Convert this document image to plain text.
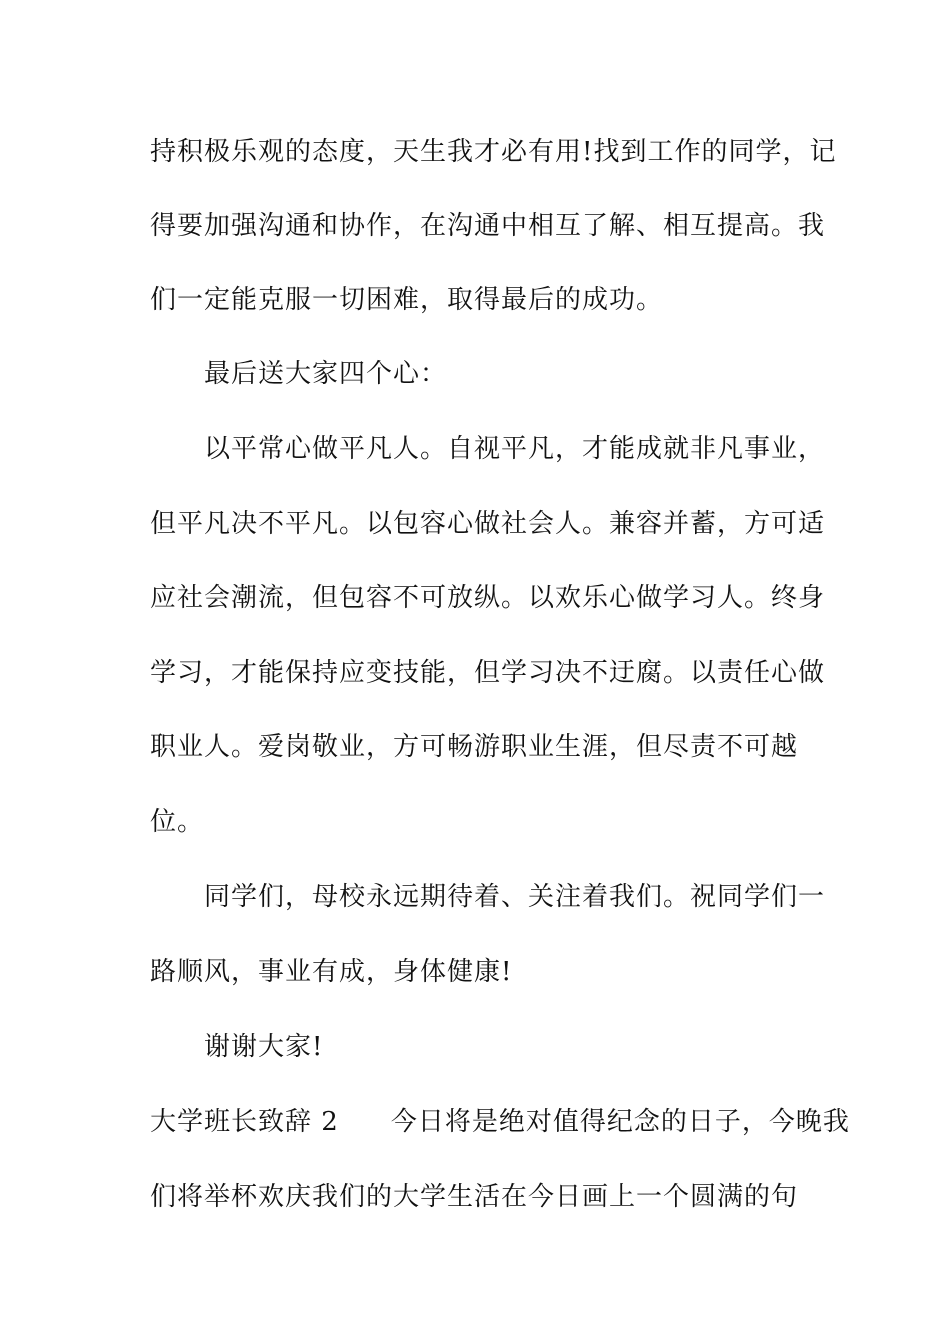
持积极乐观的态度，天生我才必有用!找到工作的同学，记
得要加强沟通和协作，在沟通中相互了解、相互提高。我
们一定能克服一切困难，取得最后的成功。
最后送大家四个心：
以平常心做平凡人。自视平凡，才能成就非凡事业，
但平凡决不平凡。以包容心做社会人。兼容并蓄，方可适
应社会潮流，但包容不可放纵。以欢乐心做学习人。终身
学习，才能保持应变技能，但学习决不迂腐。以责任心做
职业人。爱岗敬业，方可畅游职业生涯，但尽责不可越
位。
同学们，母校永远期待着、关注着我们。祝同学们一
路顺风，事业有成，身体健康!
谢谢大家!
大学班长致辞 2 今日将是绝对值得纪念的日子，今晚我
们将举杯欢庆我们的大学生活在今日画上一个圆满的句
